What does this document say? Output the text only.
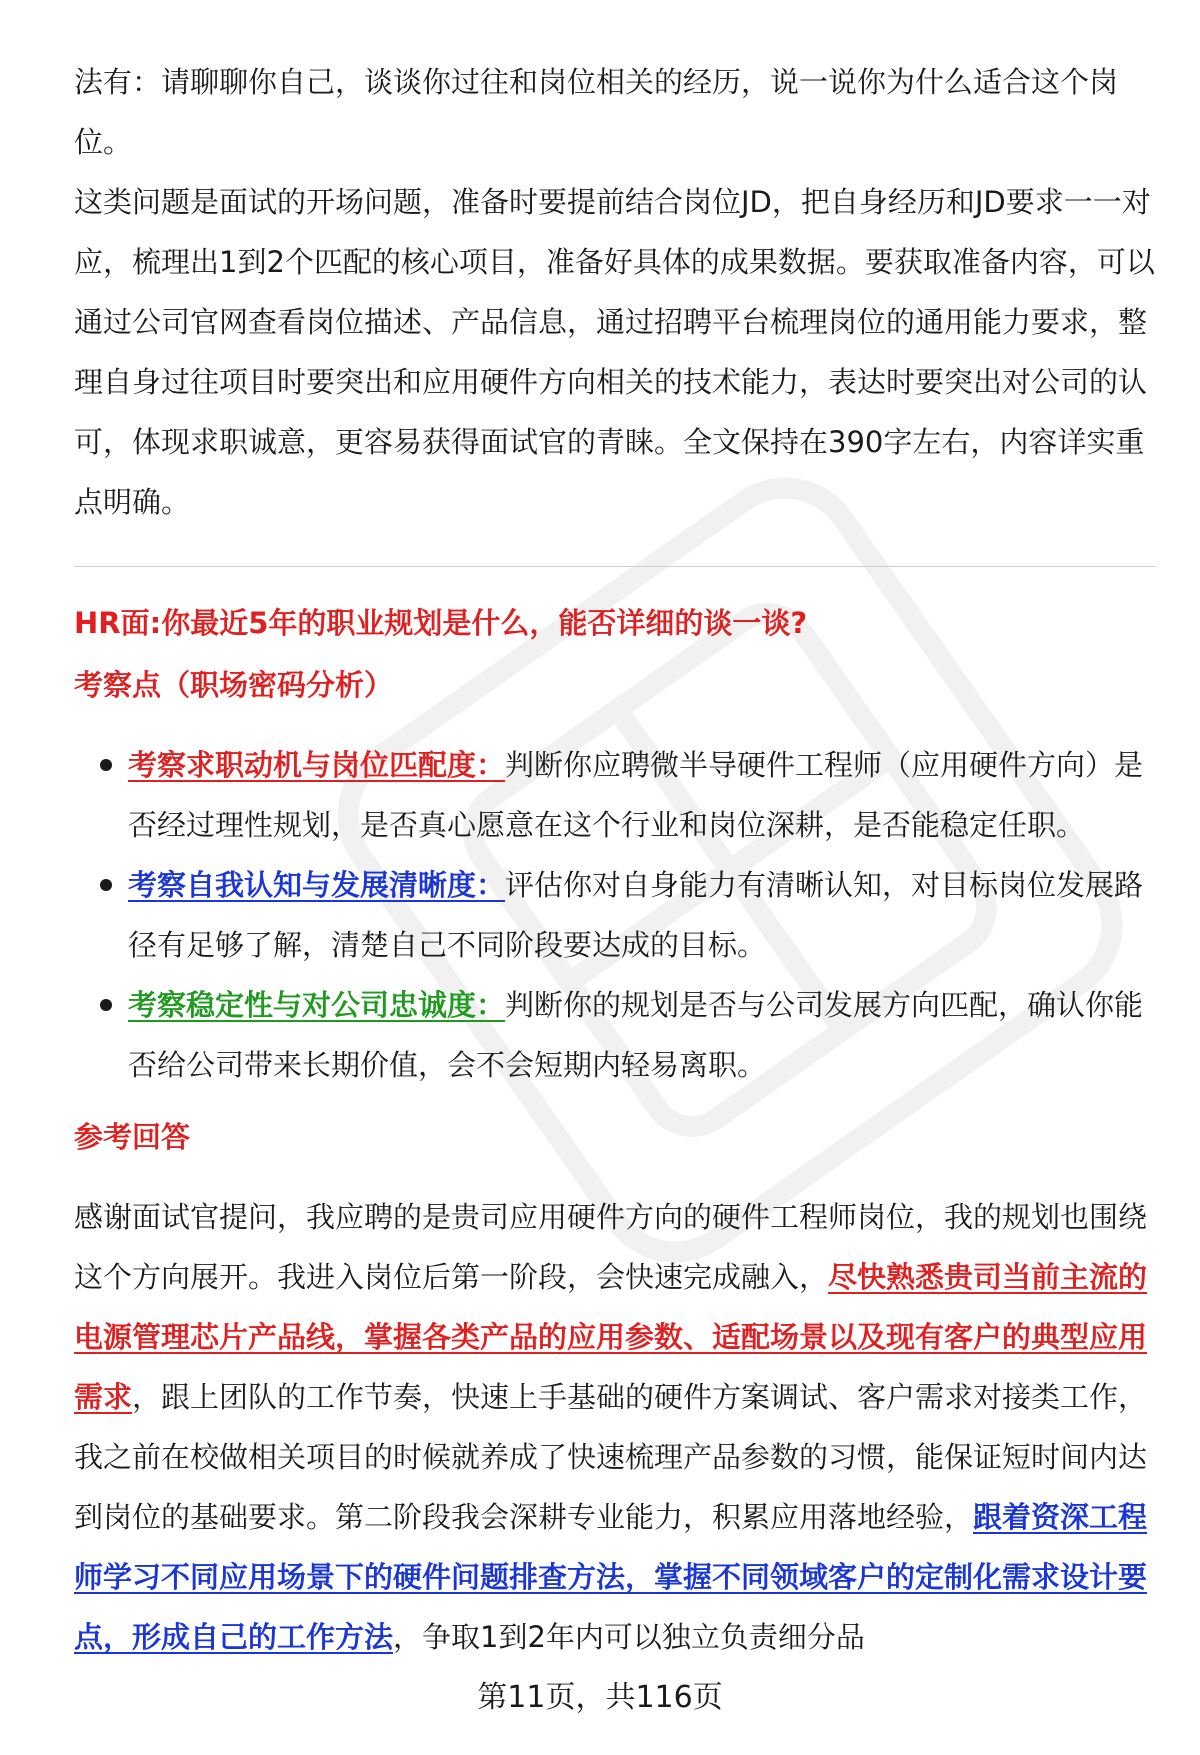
法有：请聊聊你自己，谈谈你过往和岗位相关的经历，说一说你为什么适合这个岗位。

这类问题是面试的开场问题，准备时要提前结合岗位JD，把自身经历和JD要求一一对应，梳理出1到2个匹配的核心项目，准备好具体的成果数据。要获取准备内容，可以通过公司官网查看岗位描述、产品信息，通过招聘平台梳理岗位的通用能力要求，整理自身过往项目时要突出和应用硬件方向相关的技术能力，表达时要突出对公司的认可，体现求职诚意，更容易获得面试官的青睐。全文保持在390字左右，内容详实重点明确。

HR面:你最近5年的职业规划是什么，能否详细的谈一谈?

考察点（职场密码分析）

考察求职动机与岗位匹配度：判断你应聘微半导硬件工程师（应用硬件方向）是否经过理性规划，是否真心愿意在这个行业和岗位深耕，是否能稳定任职。
考察自我认知与发展清晰度：评估你对自身能力有清晰认知，对目标岗位发展路径有足够了解，清楚自己不同阶段要达成的目标。
考察稳定性与对公司忠诚度：判断你的规划是否与公司发展方向匹配，确认你能否给公司带来长期价值，会不会短期内轻易离职。

参考回答

感谢面试官提问，我应聘的是贵司应用硬件方向的硬件工程师岗位，我的规划也围绕这个方向展开。我进入岗位后第一阶段，会快速完成融入，尽快熟悉贵司当前主流的电源管理芯片产品线，掌握各类产品的应用参数、适配场景以及现有客户的典型应用需求，跟上团队的工作节奏，快速上手基础的硬件方案调试、客户需求对接类工作，我之前在校做相关项目的时候就养成了快速梳理产品参数的习惯，能保证短时间内达到岗位的基础要求。第二阶段我会深耕专业能力，积累应用落地经验，跟着资深工程师学习不同应用场景下的硬件问题排查方法，掌握不同领域客户的定制化需求设计要点，形成自己的工作方法，争取1到2年内可以独立负责细分品

第11页，共116页
